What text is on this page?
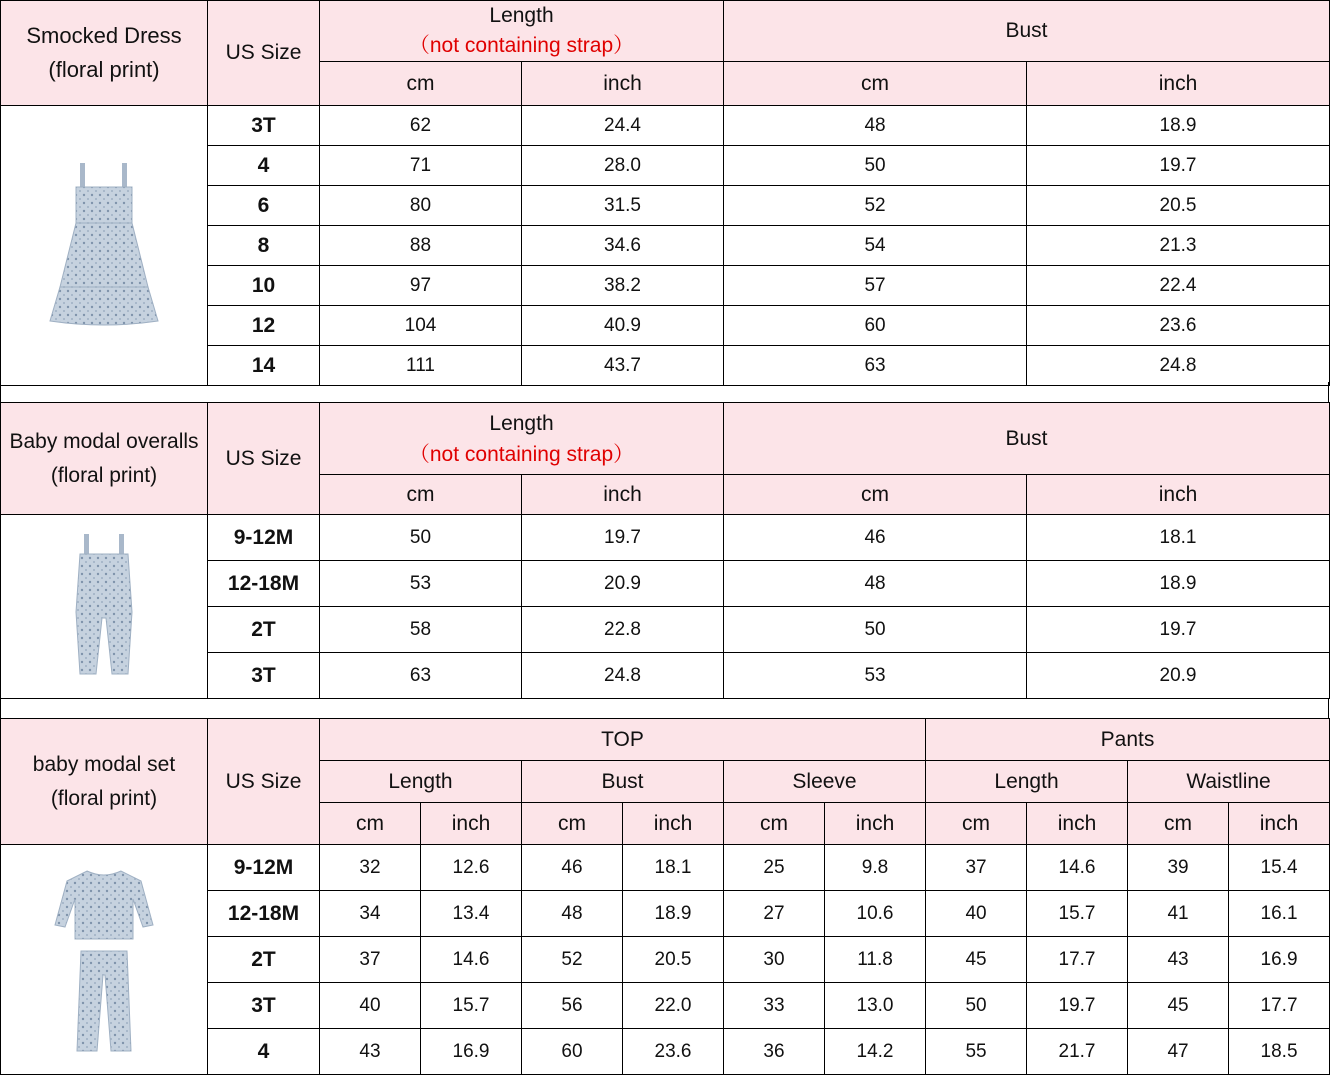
Smocked Dress
(floral print)	US Size	Length
（not containing strap）		Bust	
		cm	inch	cm	inch

	3T	62	24.4	48	18.9
	4	71	28.0	50	19.7
	6	80	31.5	52	20.5
	8	88	34.6	54	21.3
	10	97	38.2	57	22.4
	12	104	40.9	60	23.6
	14	111	43.7	63	24.8
Baby modal overalls
(floral print)	US Size	Length
（not containing strap）		Bust	
		cm	inch	cm	inch

	9-12M	50	19.7	46	18.1
	12-18M	53	20.9	48	18.9
	2T	58	22.8	50	19.7
	3T	63	24.8	53	20.9
baby modal set
(floral print)	US Size	TOP						Pants			
		Length		Bust		Sleeve		Length		Waistline	
		cm	inch	cm	inch	cm	inch	cm	inch	cm	inch

	9-12M	32	12.6	46	18.1	25	9.8	37	14.6	39	15.4
	12-18M	34	13.4	48	18.9	27	10.6	40	15.7	41	16.1
	2T	37	14.6	52	20.5	30	11.8	45	17.7	43	16.9
	3T	40	15.7	56	22.0	33	13.0	50	19.7	45	17.7
	4	43	16.9	60	23.6	36	14.2	55	21.7	47	18.5
